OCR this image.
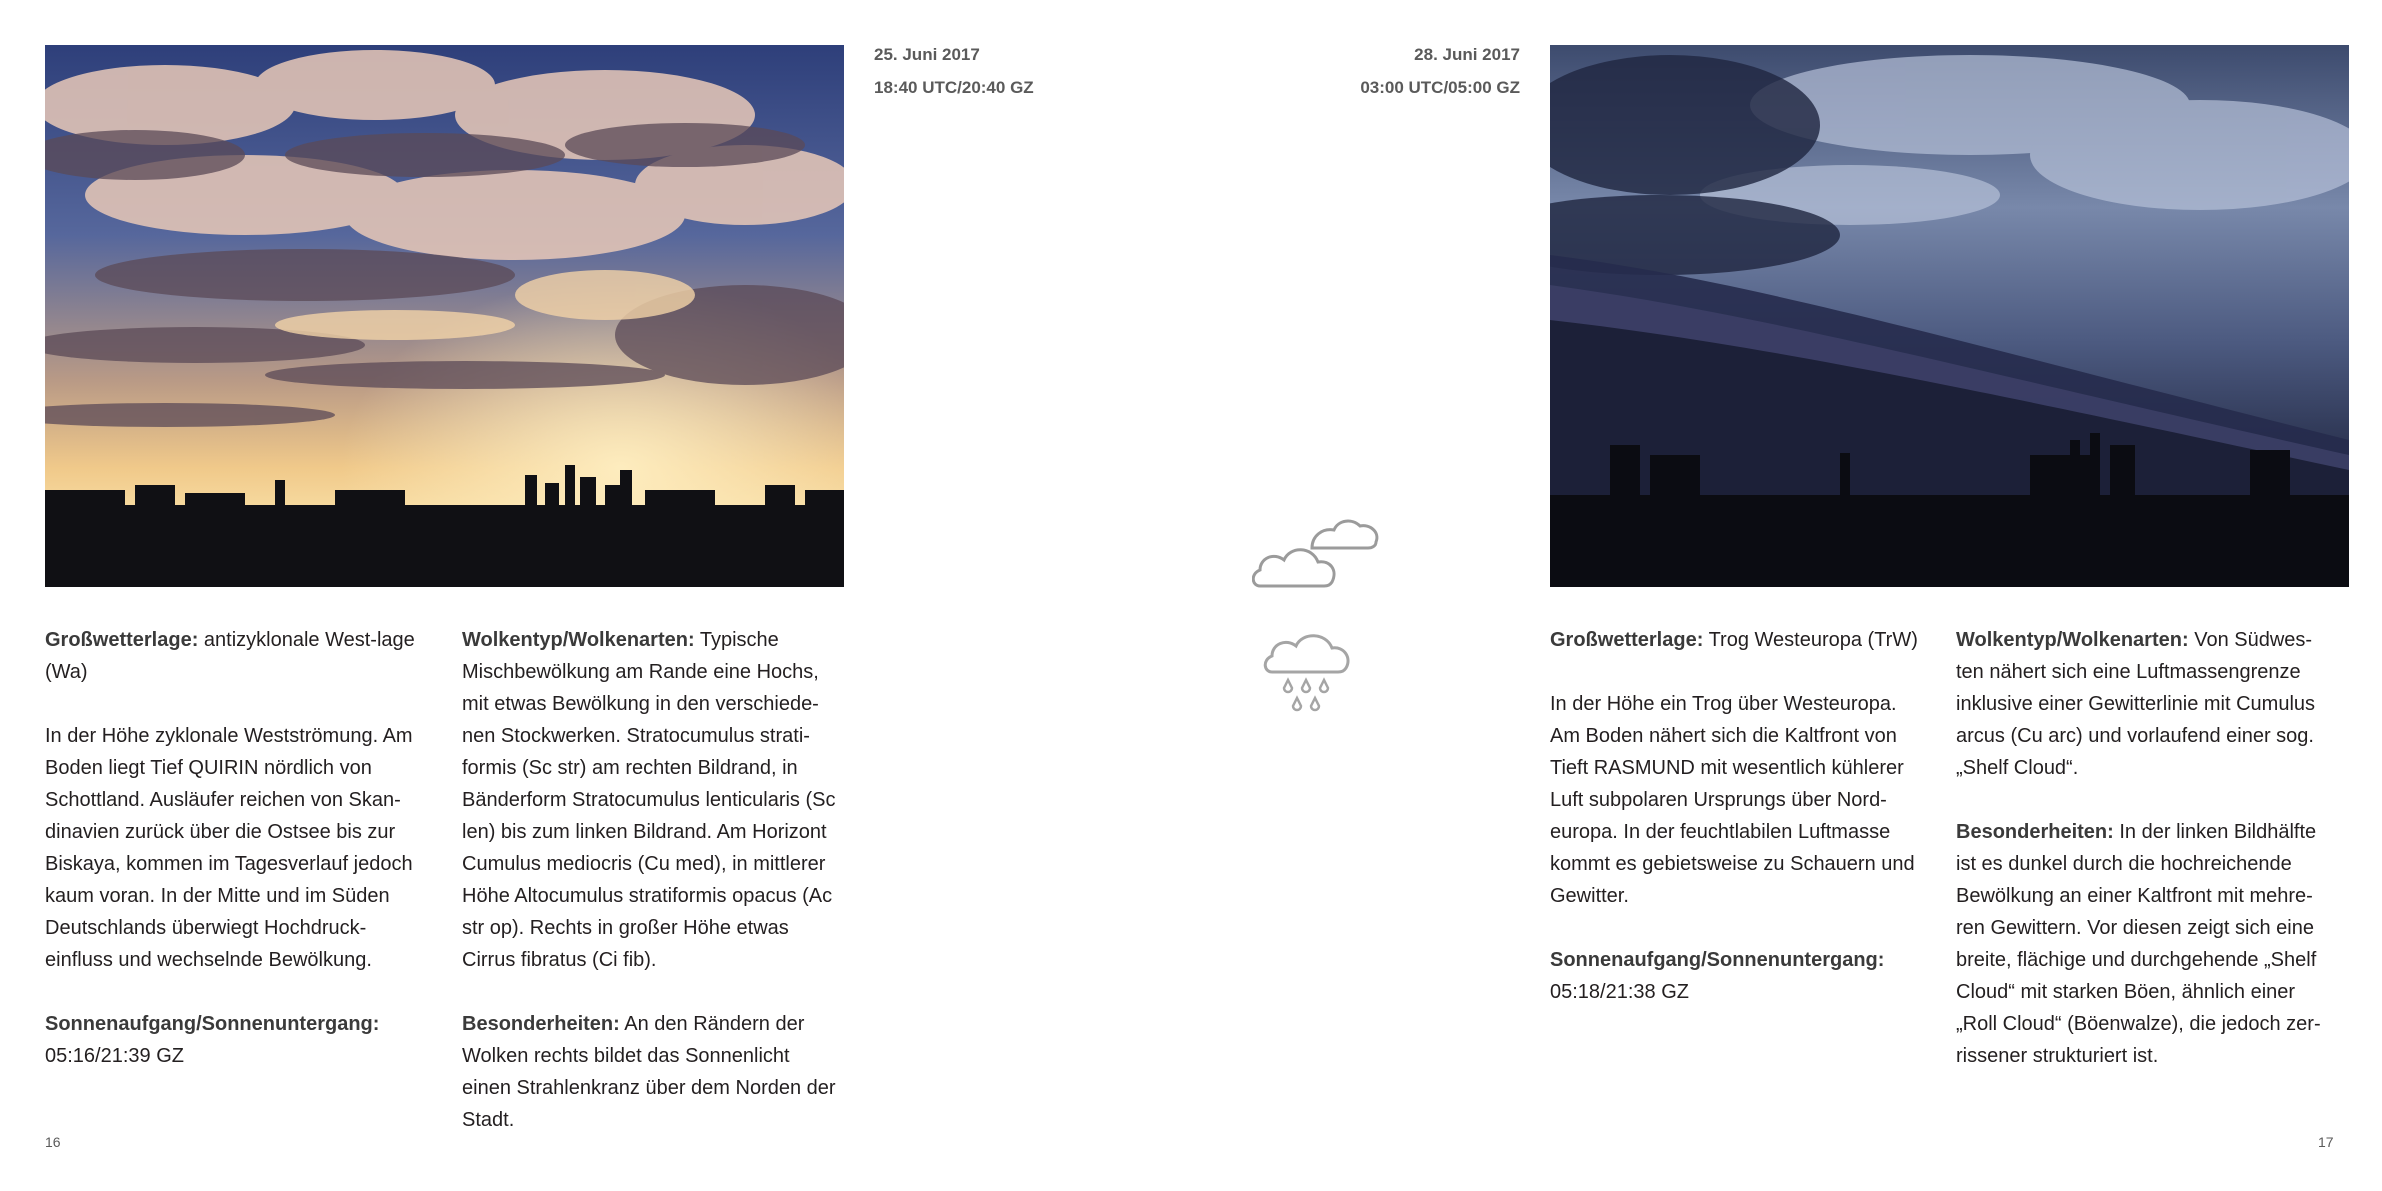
25. Juni 2017
18:40 UTC/20:40 GZ
28. Juni 2017
03:00 UTC/05:00 GZ

Großwetterlage: antizyklonale West-lage (Wa)

In der Höhe zyklonale Westströmung. Am Boden liegt Tief QUIRIN nördlich von Schottland. Ausläufer reichen von Skan-dinavien zurück über die Ostsee bis zur Biskaya, kommen im Tagesverlauf jedoch kaum voran. In der Mitte und im Süden Deutschlands überwiegt Hochdruck-einfluss und wechselnde Bewölkung.

Sonnenaufgang/Sonnenuntergang:
05:16/21:39 GZ

Wolkentyp/Wolkenarten: Typische Mischbewölkung am Rande eine Hochs, mit etwas Bewölkung in den verschiede-nen Stockwerken. Stratocumulus strati-formis (Sc str) am rechten Bildrand, in Bänderform Stratocumulus lenticularis (Sc len) bis zum linken Bildrand. Am Horizont Cumulus mediocris (Cu med), in mittlerer Höhe Altocumulus stratiformis opacus (Ac str op). Rechts in großer Höhe etwas Cirrus fibratus (Ci fib).

Besonderheiten: An den Rändern der Wolken rechts bildet das Sonnenlicht einen Strahlenkranz über dem Norden der Stadt.

Großwetterlage: Trog Westeuropa (TrW)

In der Höhe ein Trog über Westeuropa. Am Boden nähert sich die Kaltfront von Tieft RASMUND mit wesentlich kühlerer Luft subpolaren Ursprungs über Nord-europa. In der feuchtlabilen Luftmasse kommt es gebietsweise zu Schauern und Gewitter.

Sonnenaufgang/Sonnenuntergang:
05:18/21:38 GZ

Wolkentyp/Wolkenarten: Von Südwes-ten nähert sich eine Luftmassengrenze inklusive einer Gewitterlinie mit Cumulus arcus (Cu arc) und vorlaufend einer sog. „Shelf Cloud“.

Besonderheiten: In der linken Bildhälfte ist es dunkel durch die hochreichende Bewölkung an einer Kaltfront mit mehre-ren Gewittern. Vor diesen zeigt sich eine breite, flächige und durchgehende „Shelf Cloud“ mit starken Böen, ähnlich einer „Roll Cloud“ (Böenwalze), die jedoch zer-rissener strukturiert ist.

16	17
